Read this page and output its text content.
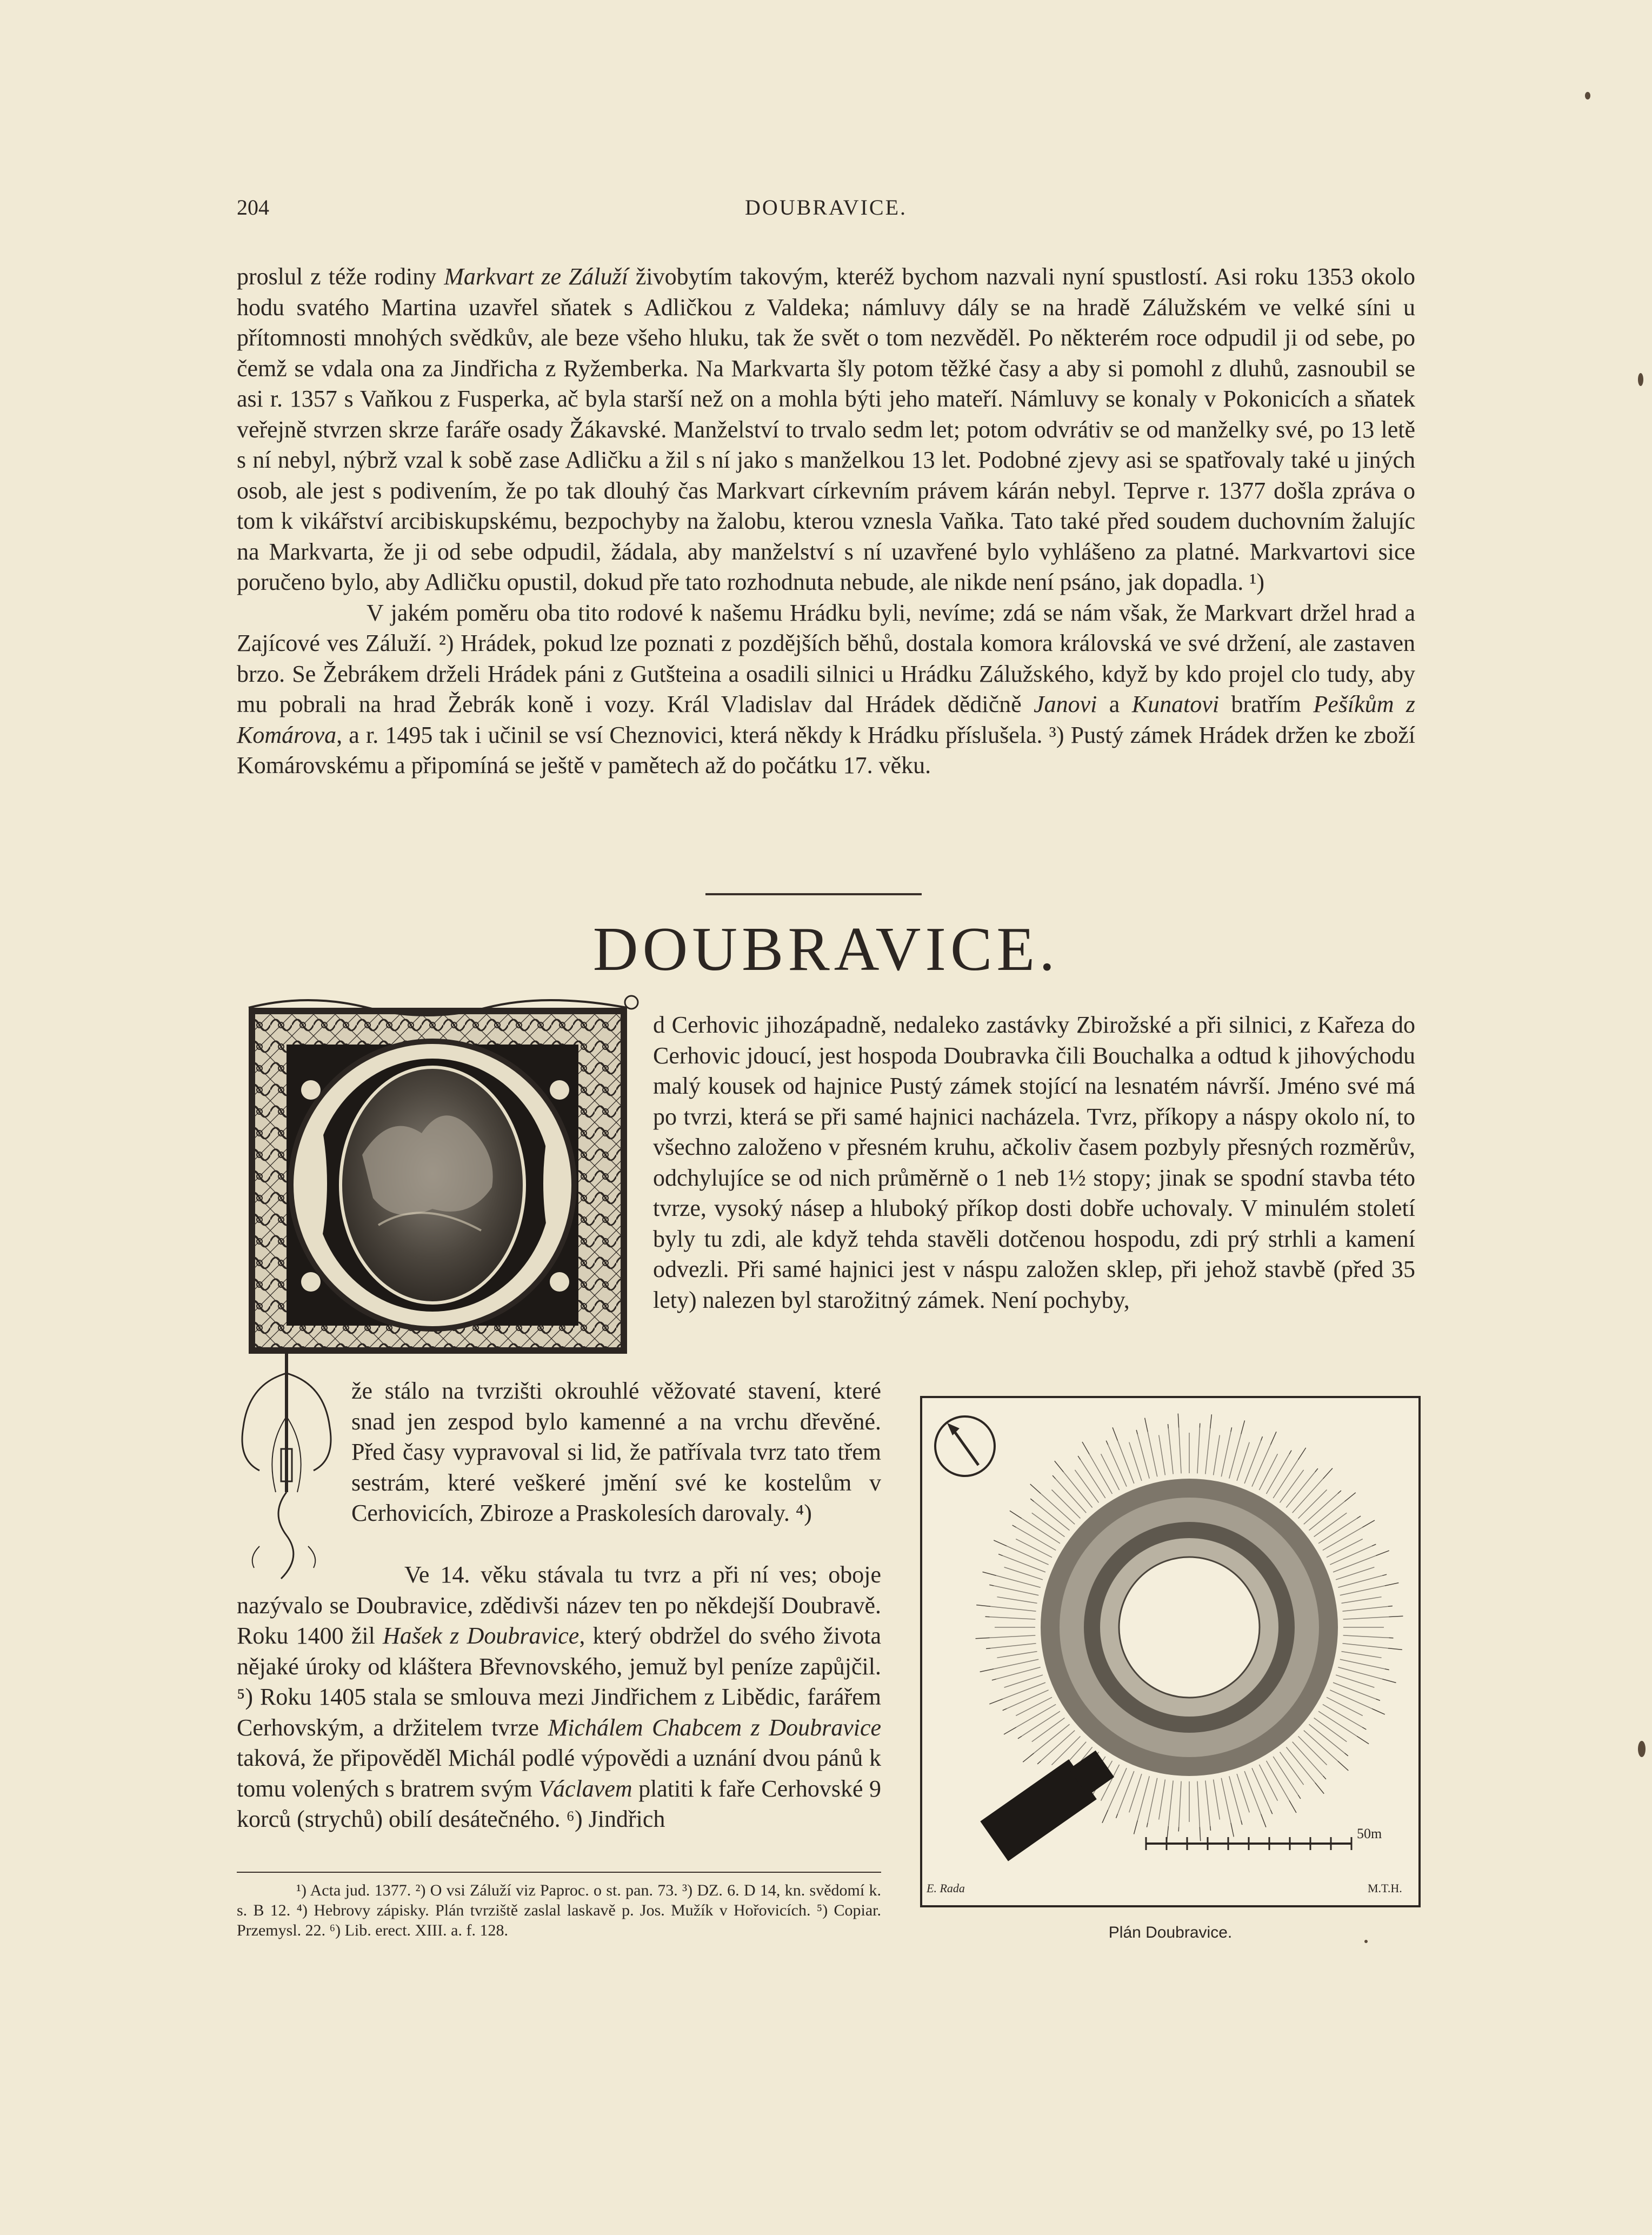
204	DOUBRAVICE.

proslul z téže rodiny Markvart ze Záluží živobytím takovým, kteréž bychom nazvali nyní spustlostí. Asi roku 1353 okolo hodu svatého Martina uzavřel sňatek s Adličkou z Valdeka; námluvy dály se na hradě Zálužském ve velké síni u přítomnosti mnohých svědkův, ale beze všeho hluku, tak že svět o tom nezvěděl. Po některém roce odpudil ji od sebe, po čemž se vdala ona za Jindřicha z Ryžemberka. Na Markvarta šly potom těžké časy a aby si pomohl z dluhů, zasnoubil se asi r. 1357 s Vaňkou z Fusperka, ač byla starší než on a mohla býti jeho mateří. Námluvy se konaly v Pokonicích a sňatek veřejně stvrzen skrze faráře osady Žákavské. Manželství to trvalo sedm let; potom odvrátiv se od manželky své, po 13 letě s ní nebyl, nýbrž vzal k sobě zase Adličku a žil s ní jako s manželkou 13 let. Podobné zjevy asi se spatřovaly také u jiných osob, ale jest s podivením, že po tak dlouhý čas Markvart církevním právem kárán nebyl. Teprve r. 1377 došla zpráva o tom k vikářství arcibiskupskému, bezpochyby na žalobu, kterou vznesla Vaňka. Tato také před soudem duchovním žalujíc na Markvarta, že ji od sebe odpudil, žádala, aby manželství s ní uzavřené bylo vyhlášeno za platné. Markvartovi sice poručeno bylo, aby Adličku opustil, dokud pře tato rozhodnuta nebude, ale nikde není psáno, jak dopadla. ¹)

V jakém poměru oba tito rodové k našemu Hrádku byli, nevíme; zdá se nám však, že Markvart držel hrad a Zajícové ves Záluží. ²) Hrádek, pokud lze poznati z pozdějších běhů, dostala komora královská ve své držení, ale zastaven brzo. Se Žebrákem drželi Hrádek páni z Gutšteina a osadili silnici u Hrádku Zálužského, když by kdo projel clo tudy, aby mu pobrali na hrad Žebrák koně i vozy. Král Vladislav dal Hrádek dědičně Janovi a Kunatovi bratřím Pešíkům z Komárova, a r. 1495 tak i učinil se vsí Cheznovici, která někdy k Hrádku příslušela. ³) Pustý zámek Hrádek držen ke zboží Komárovskému a připomíná se ještě v pamětech až do počátku 17. věku.

DOUBRAVICE.

d Cerhovic jihozápadně, nedaleko zastávky Zbirožské a při silnici, z Kařeza do Cerhovic jdoucí, jest hospoda Doubravka čili Bouchalka a odtud k jihovýchodu malý kousek od hajnice Pustý zámek stojící na lesnatém návrší. Jméno své má po tvrzi, která se při samé hajnici nacházela. Tvrz, příkopy a náspy okolo ní, to všechno založeno v přesném kruhu, ačkoliv časem pozbyly přesných rozměrův, odchylujíce se od nich průměrně o 1 neb 1½ stopy; jinak se spodní stavba této tvrze, vysoký násep a hluboký příkop dosti dobře uchovaly. V minulém století byly tu zdi, ale když tehda stavěli dotčenou hospodu, zdi prý strhli a kamení odvezli. Při samé hajnici jest v náspu založen sklep, při jehož stavbě (před 35 lety) nalezen byl starožitný zámek. Není pochyby,

že stálo na tvrzišti okrouhlé věžovaté stavení, které snad jen zespod bylo kamenné a na vrchu dřevěné. Před časy vypravoval si lid, že patřívala tvrz tato třem sestrám, které veškeré jmění své ke kostelům v Cerhovicích, Zbiroze a Praskolesích darovaly. ⁴)

Ve 14. věku stávala tu tvrz a při ní ves; oboje nazývalo se Doubravice, zdědivši název ten po někdejší Doubravě. Roku 1400 žil Hašek z Doubravice, který obdržel do svého života nějaké úroky od kláštera Břevnovského, jemuž byl peníze zapůjčil. ⁵) Roku 1405 stala se smlouva mezi Jindřichem z Libědic, farářem Cerhovským, a držitelem tvrze Michálem Chabcem z Doubravice taková, že připověděl Michál podlé výpovědi a uznání dvou pánů k tomu volených s bratrem svým Václavem platiti k faře Cerhovské 9 korců (strychů) obilí desátečného. ⁶) Jindřich

¹) Acta jud. 1377. ²) O vsi Záluží viz Paproc. o st. pan. 73. ³) DZ. 6. D 14, kn. svědomí k. s. B 12. ⁴) Hebrovy zápisky. Plán tvrziště zaslal laskavě p. Jos. Mužík v Hořovicích. ⁵) Copiar. Przemysl. 22. ⁶) Lib. erect. XIII. a. f. 128.

50m
E. Rada	M.T.H.
Plán Doubravice.
